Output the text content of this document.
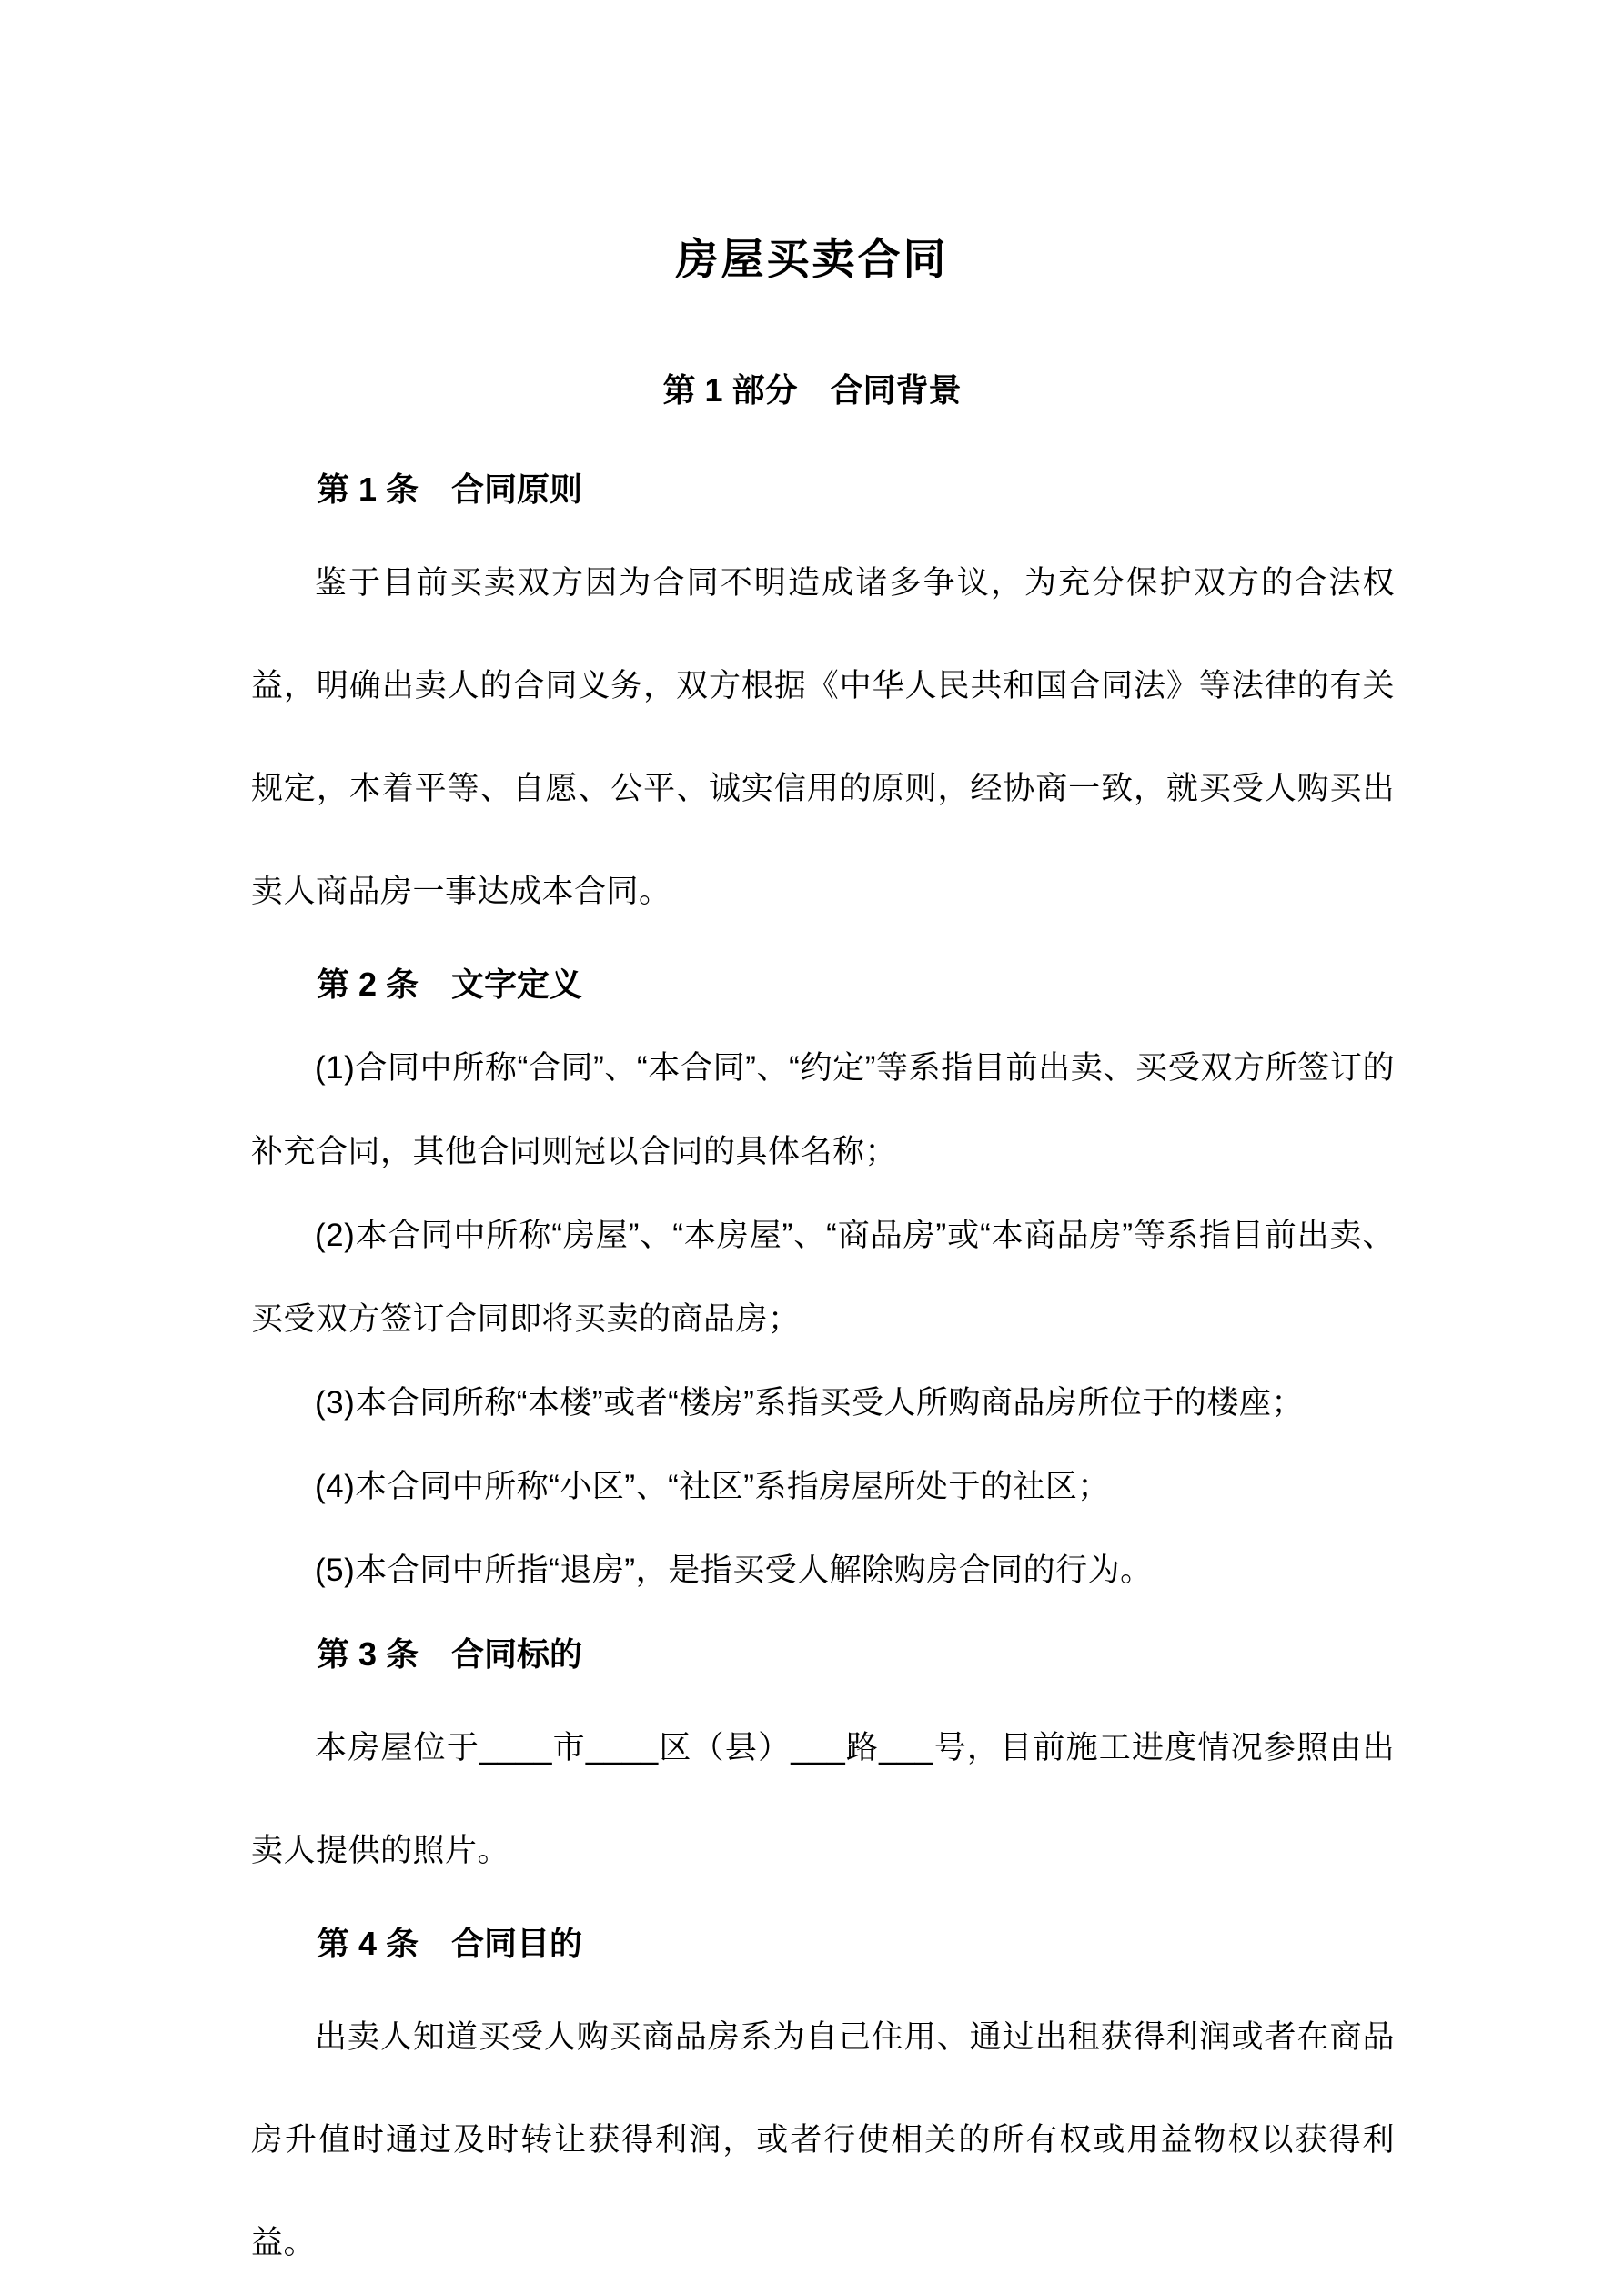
房屋买卖合同
第 1 部分　合同背景
第 1 条　合同原则

鉴于目前买卖双方因为合同不明造成诸多争议，为充分保护双方的合法权益，明确出卖人的合同义务，双方根据《中华人民共和国合同法》等法律的有关规定，本着平等、自愿、公平、诚实信用的原则，经协商一致，就买受人购买出卖人商品房一事达成本合同。

第 2 条　文字定义

(1)合同中所称“合同”、“本合同”、“约定”等系指目前出卖、买受双方所签订的补充合同，其他合同则冠以合同的具体名称；

(2)本合同中所称“房屋”、“本房屋”、“商品房”或“本商品房”等系指目前出卖、买受双方签订合同即将买卖的商品房；

(3)本合同所称“本楼”或者“楼房”系指买受人所购商品房所位于的楼座；

(4)本合同中所称“小区”、“社区”系指房屋所处于的社区；

(5)本合同中所指“退房”，是指买受人解除购房合同的行为。

第 3 条　合同标的

本房屋位于____市____区（县）___路___号，目前施工进度情况参照由出卖人提供的照片。

第 4 条　合同目的

出卖人知道买受人购买商品房系为自己住用、通过出租获得利润或者在商品房升值时通过及时转让获得利润，或者行使相关的所有权或用益物权以获得利益。
